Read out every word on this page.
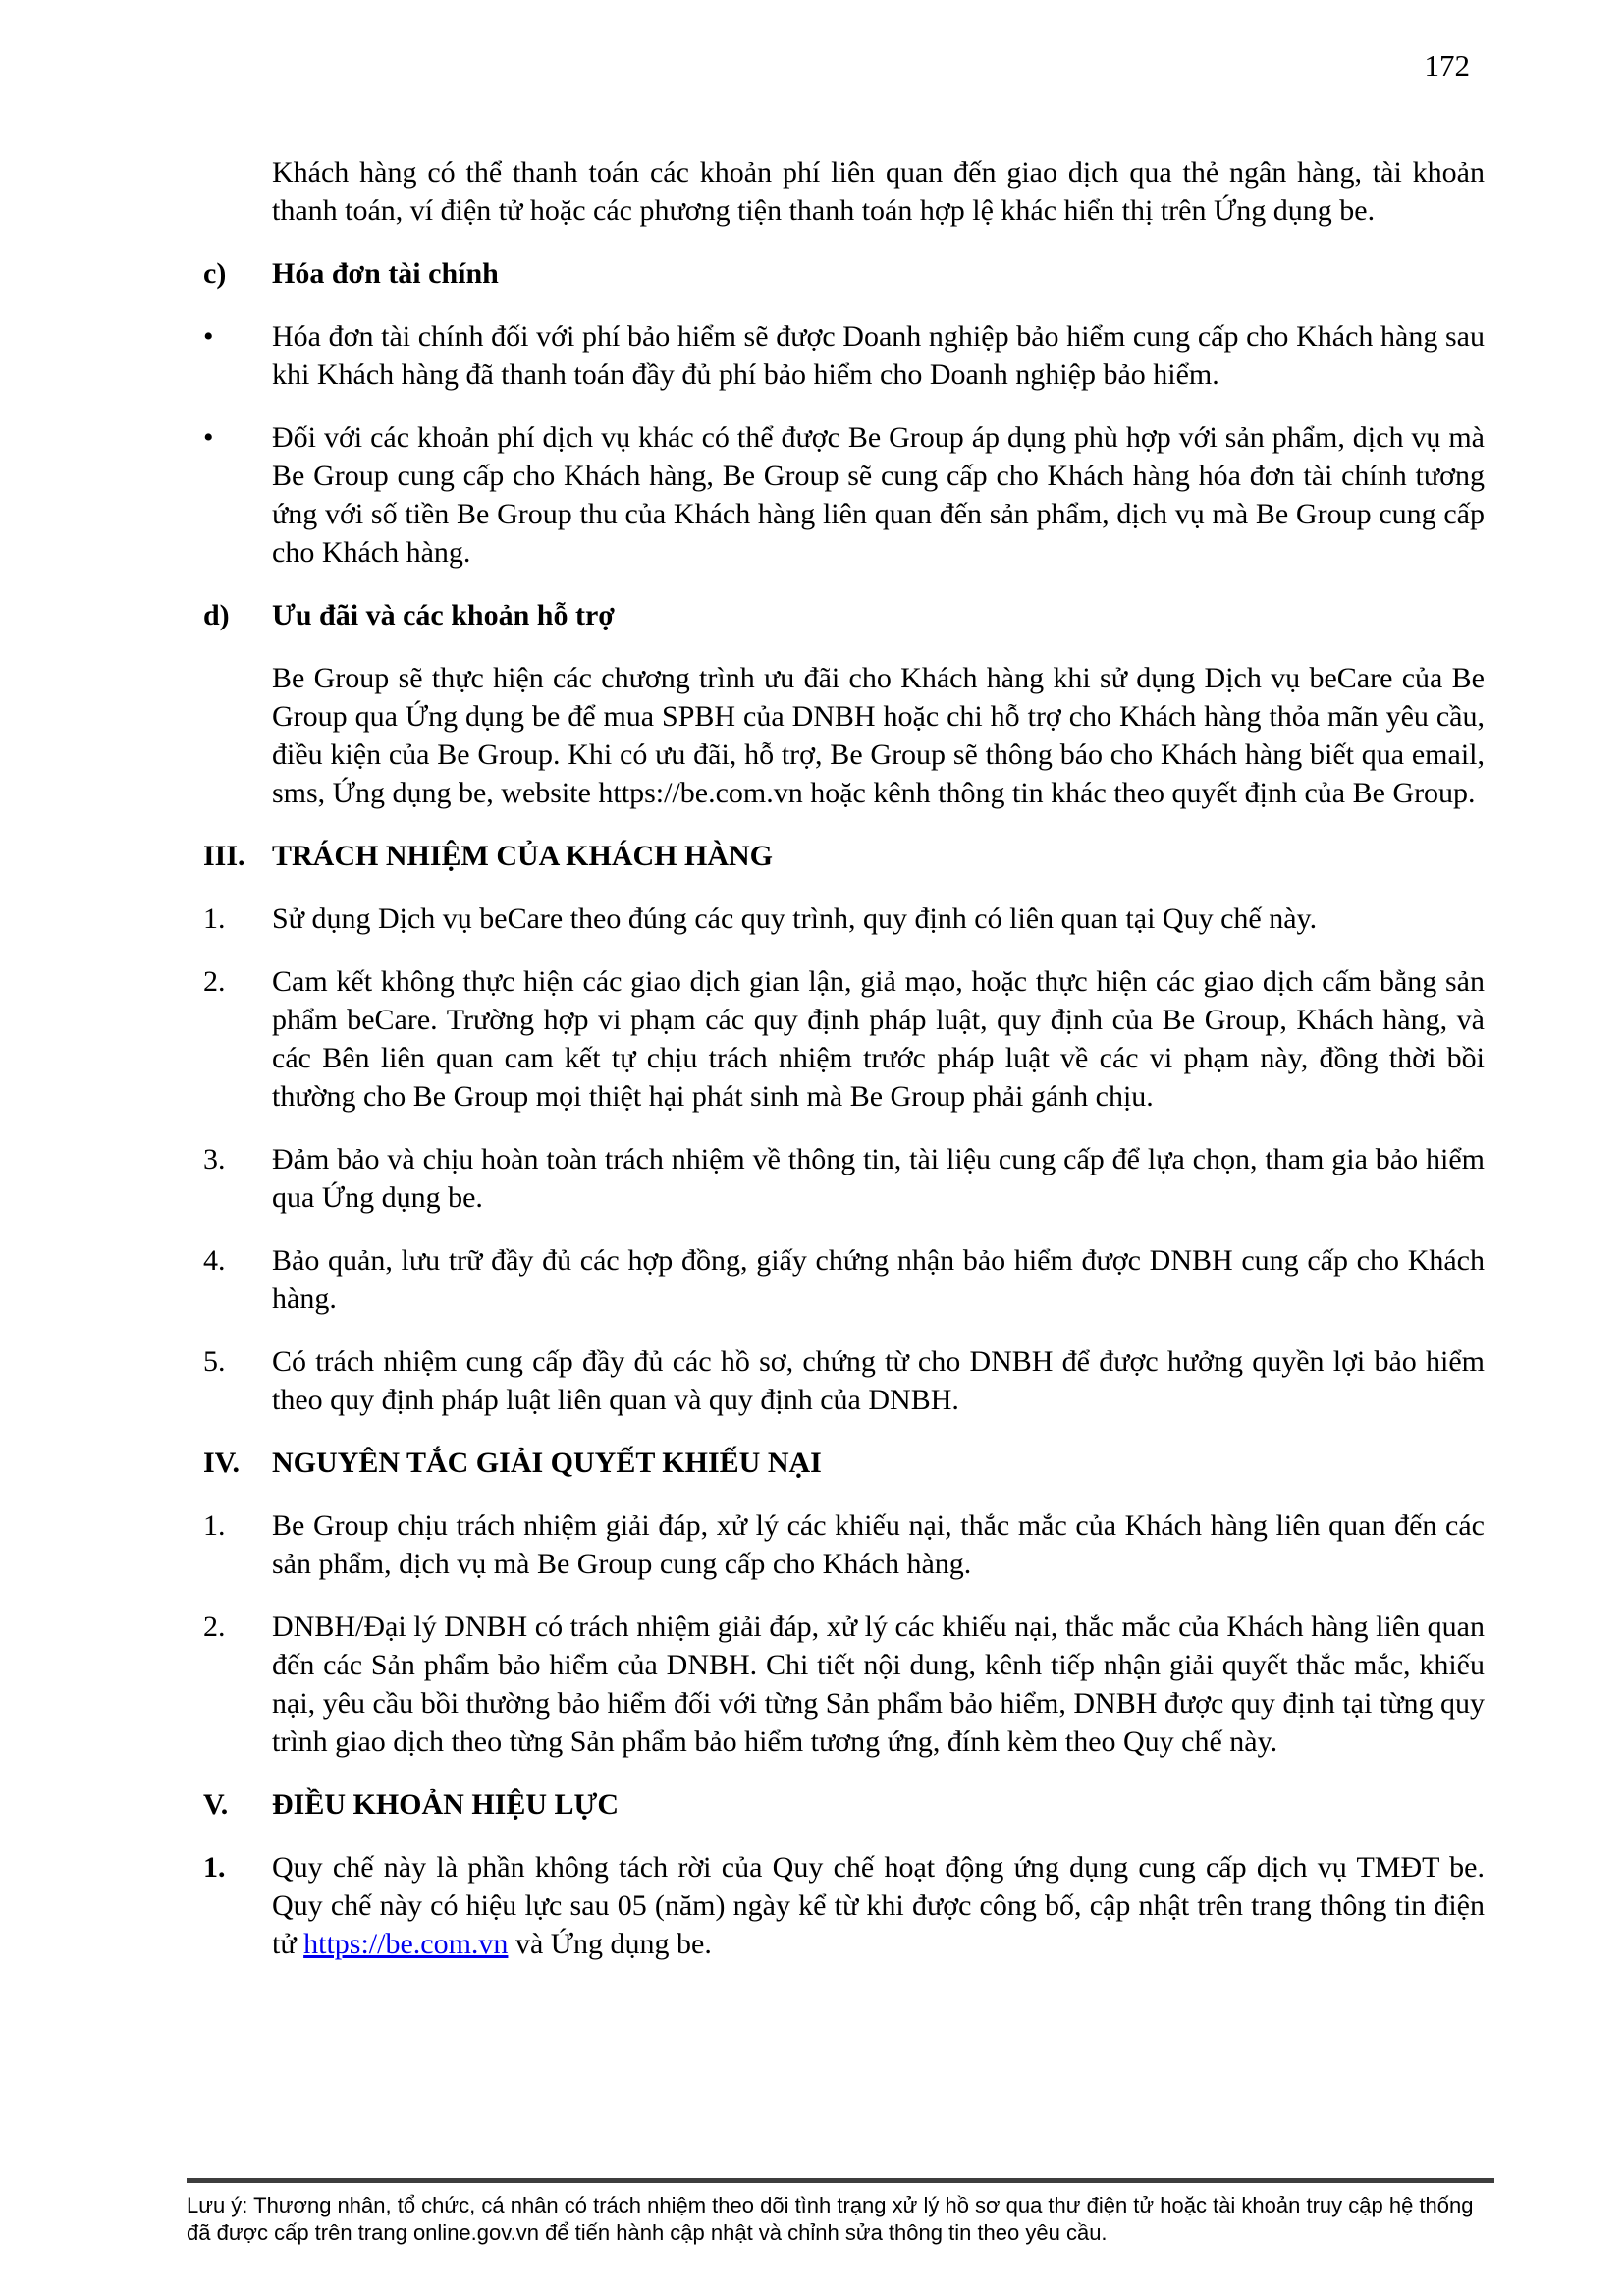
172

Khách hàng có thể thanh toán các khoản phí liên quan đến giao dịch qua thẻ ngân hàng, tài khoản thanh toán, ví điện tử hoặc các phương tiện thanh toán hợp lệ khác hiển thị trên Ứng dụng be.

c)	Hóa đơn tài chính
•	Hóa đơn tài chính đối với phí bảo hiểm sẽ được Doanh nghiệp bảo hiểm cung cấp cho Khách hàng sau khi Khách hàng đã thanh toán đầy đủ phí bảo hiểm cho Doanh nghiệp bảo hiểm.
•	Đối với các khoản phí dịch vụ khác có thể được Be Group áp dụng phù hợp với sản phẩm, dịch vụ mà Be Group cung cấp cho Khách hàng, Be Group sẽ cung cấp cho Khách hàng hóa đơn tài chính tương ứng với số tiền Be Group thu của Khách hàng liên quan đến sản phẩm, dịch vụ mà Be Group cung cấp cho Khách hàng.
d)	Ưu đãi và các khoản hỗ trợ

Be Group sẽ thực hiện các chương trình ưu đãi cho Khách hàng khi sử dụng Dịch vụ beCare của Be Group qua Ứng dụng be để mua SPBH của DNBH hoặc chi hỗ trợ cho Khách hàng thỏa mãn yêu cầu, điều kiện của Be Group. Khi có ưu đãi, hỗ trợ, Be Group sẽ thông báo cho Khách hàng biết qua email, sms, Ứng dụng be, website https://be.com.vn hoặc kênh thông tin khác theo quyết định của Be Group.

III. TRÁCH NHIỆM CỦA KHÁCH HÀNG
1.	Sử dụng Dịch vụ beCare theo đúng các quy trình, quy định có liên quan tại Quy chế này.
2.	Cam kết không thực hiện các giao dịch gian lận, giả mạo, hoặc thực hiện các giao dịch cấm bằng sản phẩm beCare. Trường hợp vi phạm các quy định pháp luật, quy định của Be Group, Khách hàng, và các Bên liên quan cam kết tự chịu trách nhiệm trước pháp luật về các vi phạm này, đồng thời bồi thường cho Be Group mọi thiệt hại phát sinh mà Be Group phải gánh chịu.
3.	Đảm bảo và chịu hoàn toàn trách nhiệm về thông tin, tài liệu cung cấp để lựa chọn, tham gia bảo hiểm qua Ứng dụng be.
4.	Bảo quản, lưu trữ đầy đủ các hợp đồng, giấy chứng nhận bảo hiểm được DNBH cung cấp cho Khách hàng.
5.	Có trách nhiệm cung cấp đầy đủ các hồ sơ, chứng từ cho DNBH để được hưởng quyền lợi bảo hiểm theo quy định pháp luật liên quan và quy định của DNBH.
IV.	NGUYÊN TẮC GIẢI QUYẾT KHIẾU NẠI
1.	Be Group chịu trách nhiệm giải đáp, xử lý các khiếu nại, thắc mắc của Khách hàng liên quan đến các sản phẩm, dịch vụ mà Be Group cung cấp cho Khách hàng.
2.	DNBH/Đại lý DNBH có trách nhiệm giải đáp, xử lý các khiếu nại, thắc mắc của Khách hàng liên quan đến các Sản phẩm bảo hiểm của DNBH. Chi tiết nội dung, kênh tiếp nhận giải quyết thắc mắc, khiếu nại, yêu cầu bồi thường bảo hiểm đối với từng Sản phẩm bảo hiểm, DNBH được quy định tại từng quy trình giao dịch theo từng Sản phẩm bảo hiểm tương ứng, đính kèm theo Quy chế này.
V.	ĐIỀU KHOẢN HIỆU LỰC
1.	Quy chế này là phần không tách rời của Quy chế hoạt động ứng dụng cung cấp dịch vụ TMĐT be. Quy chế này có hiệu lực sau 05 (năm) ngày kể từ khi được công bố, cập nhật trên trang thông tin điện tử https://be.com.vn và Ứng dụng be.

Lưu ý: Thương nhân, tổ chức, cá nhân có trách nhiệm theo dõi tình trạng xử lý hồ sơ qua thư điện tử hoặc tài khoản truy cập hệ thống đã được cấp trên trang online.gov.vn để tiến hành cập nhật và chỉnh sửa thông tin theo yêu cầu.
